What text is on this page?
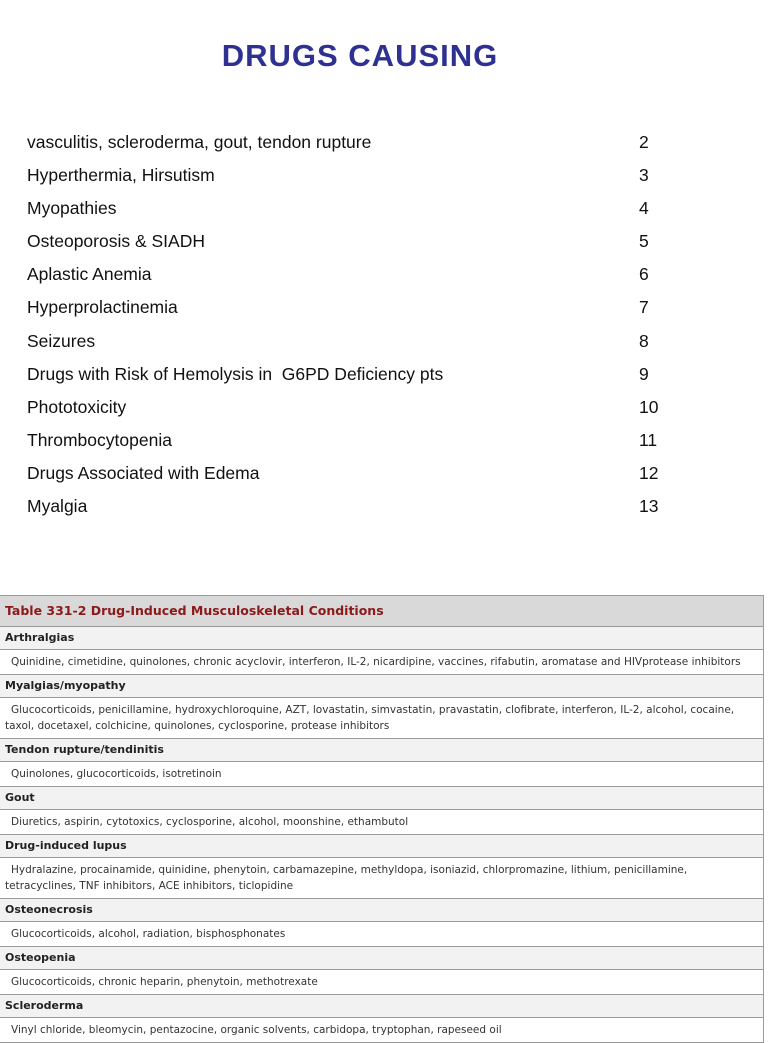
DRUGS CAUSING
vasculitis, scleroderma, gout, tendon rupture	2
Hyperthermia, Hirsutism	3
Myopathies	4
Osteoporosis & SIADH	5
Aplastic Anemia	6
Hyperprolactinemia	7
Seizures	8
Drugs with Risk of Hemolysis in  G6PD Deficiency pts	9
Phototoxicity	10
Thrombocytopenia	11
Drugs Associated with Edema	12
Myalgia	13
Table 331-2 Drug-Induced Musculoskeletal Conditions
Arthralgias
Quinidine, cimetidine, quinolones, chronic acyclovir, interferon, IL-2, nicardipine, vaccines, rifabutin, aromatase and HIVprotease inhibitors
Myalgias/myopathy
Glucocorticoids, penicillamine, hydroxychloroquine, AZT, lovastatin, simvastatin, pravastatin, clofibrate, interferon, IL-2, alcohol, cocaine, taxol, docetaxel, colchicine, quinolones, cyclosporine, protease inhibitors
Tendon rupture/tendinitis
Quinolones, glucocorticoids, isotretinoin
Gout
Diuretics, aspirin, cytotoxics, cyclosporine, alcohol, moonshine, ethambutol
Drug-induced lupus
Hydralazine, procainamide, quinidine, phenytoin, carbamazepine, methyldopa, isoniazid, chlorpromazine, lithium, penicillamine, tetracyclines, TNF inhibitors, ACE inhibitors, ticlopidine
Osteonecrosis
Glucocorticoids, alcohol, radiation, bisphosphonates
Osteopenia
Glucocorticoids, chronic heparin, phenytoin, methotrexate
Scleroderma
Vinyl chloride, bleomycin, pentazocine, organic solvents, carbidopa, tryptophan, rapeseed oil
